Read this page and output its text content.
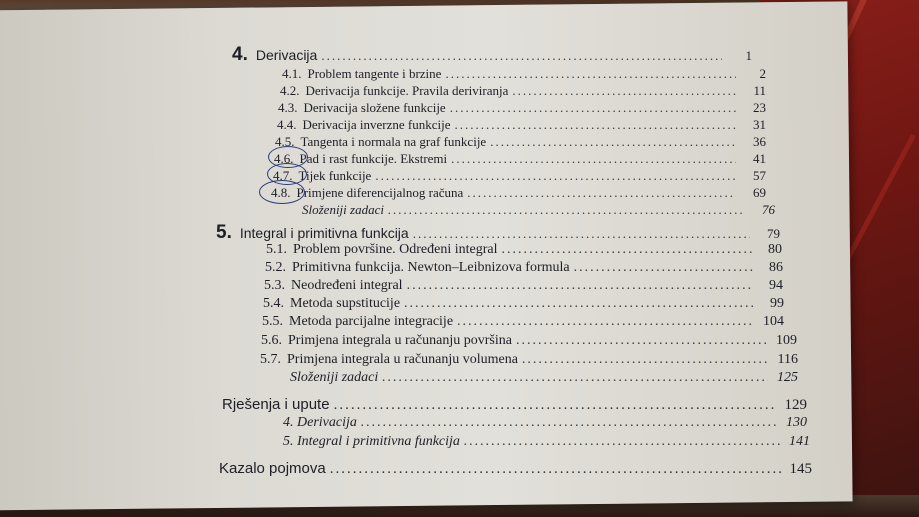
4. Derivacija .....	1
4.1. Problem tangente i brzine .....	2
4.2. Derivacija funkcije. Pravila deriviranja .....	11
4.3. Derivacija složene funkcije .....	23
4.4. Derivacija inverzne funkcije .....	31
4.5. Tangenta i normala na graf funkcije .....	36
4.6. Pad i rast funkcije. Ekstremi .....	41
4.7. Tijek funkcije .....	57
4.8. Primjene diferencijalnog računa .....	69
Složeniji zadaci .....	76
5. Integral i primitivna funkcija .....	79
5.1. Problem površine. Određeni integral .....	80
5.2. Primitivna funkcija. Newton–Leibnizova formula .....	86
5.3. Neodređeni integral .....	94
5.4. Metoda supstitucije .....	99
5.5. Metoda parcijalne integracije .....	104
5.6. Primjena integrala u računanju površina .....	109
5.7. Primjena integrala u računanju volumena .....	116
Složeniji zadaci .....	125
Rješenja i upute .....	129
4. Derivacija .....	130
5. Integral i primitivna funkcija .....	141
Kazalo pojmova .....	145
